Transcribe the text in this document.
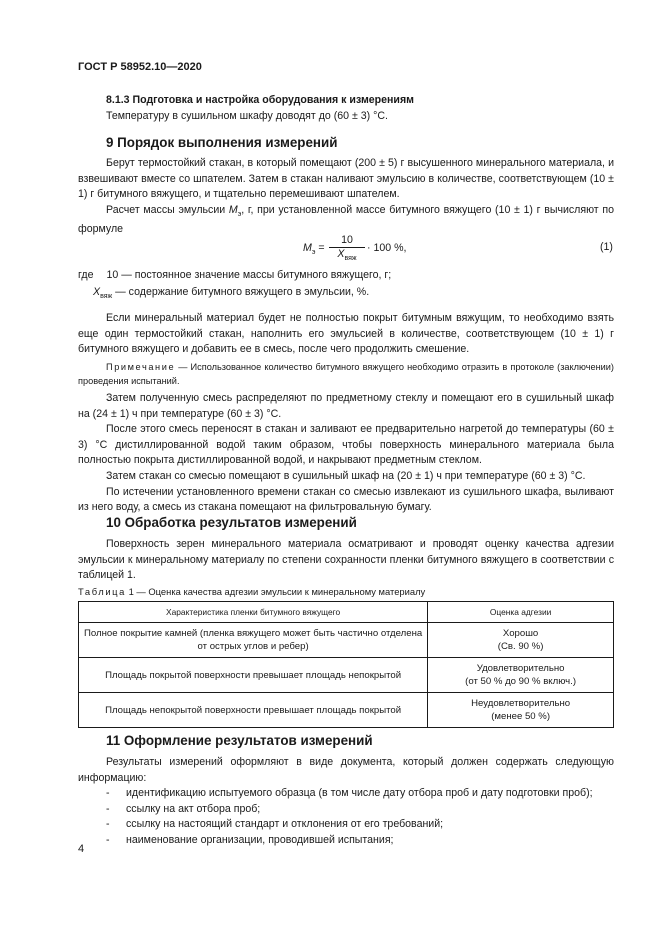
ГОСТ Р 58952.10—2020

8.1.3 Подготовка и настройка оборудования к измерениям

Температуру в сушильном шкафу доводят до (60 ± 3) °С.

9 Порядок выполнения измерений

Берут термостойкий стакан, в который помещают (200 ± 5) г высушенного минерального материала, и взвешивают вместе со шпателем. Затем в стакан наливают эмульсию в количестве, соответствующем (10 ± 1) г битумного вяжущего, и тщательно перемешивают шпателем.

Расчет массы эмульсии $М_э$, г, при установленной массе битумного вяжущего (10 ± 1) г вычисляют по формуле

$М_э$ =
10
$Х_{вяж}$
· 100 %,	(1)
где 10 — постоянное значение массы битумного вяжущего, г;
$Х_{вяж}$ — содержание битумного вяжущего в эмульсии, %.

Если минеральный материал будет не полностью покрыт битумным вяжущим, то необходимо взять еще один термостойкий стакан, наполнить его эмульсией в количестве, соответствующем (10 ± 1) г битумного вяжущего и добавить ее в смесь, после чего продолжить смешение.

Примечание — Использованное количество битумного вяжущего необходимо отразить в протоколе (заключении) проведения испытаний.

Затем полученную смесь распределяют по предметному стеклу и помещают его в сушильный шкаф на (24 ± 1) ч при температуре (60 ± 3) °С.

После этого смесь переносят в стакан и заливают ее предварительно нагретой до температуры (60 ± 3) °С дистиллированной водой таким образом, чтобы поверхность минерального материала была полностью покрыта дистиллированной водой, и накрывают предметным стеклом.

Затем стакан со смесью помещают в сушильный шкаф на (20 ± 1) ч при температуре (60 ± 3) °С.

По истечении установленного времени стакан со смесью извлекают из сушильного шкафа, выливают из него воду, а смесь из стакана помещают на фильтровальную бумагу.

10 Обработка результатов измерений

Поверхность зерен минерального материала осматривают и проводят оценку качества адгезии эмульсии к минеральному материалу по степени сохранности пленки битумного вяжущего в соответствии с таблицей 1.

Таблица 1 — Оценка качества адгезии эмульсии к минеральному материалу
Характеристика пленки битумного вяжущего	Оценка адгезии
Полное покрытие камней (пленка вяжущего может быть частично отделена от острых углов и ребер)	Хорошо
(Св. 90 %)

Площадь покрытой поверхности превышает площадь непокрытой	Удовлетворительно
(от 50 % до 90 % включ.)

Площадь непокрытой поверхности превышает площадь покрытой	Неудовлетворительно
(менее 50 %)
11 Оформление результатов измерений

Результаты измерений оформляют в виде документа, который должен содержать следующую информацию:

- идентификацию испытуемого образца (в том числе дату отбора проб и дату подготовки проб);
- ссылку на акт отбора проб;
- ссылку на настоящий стандарт и отклонения от его требований;
- наименование организации, проводившей испытания;
4
